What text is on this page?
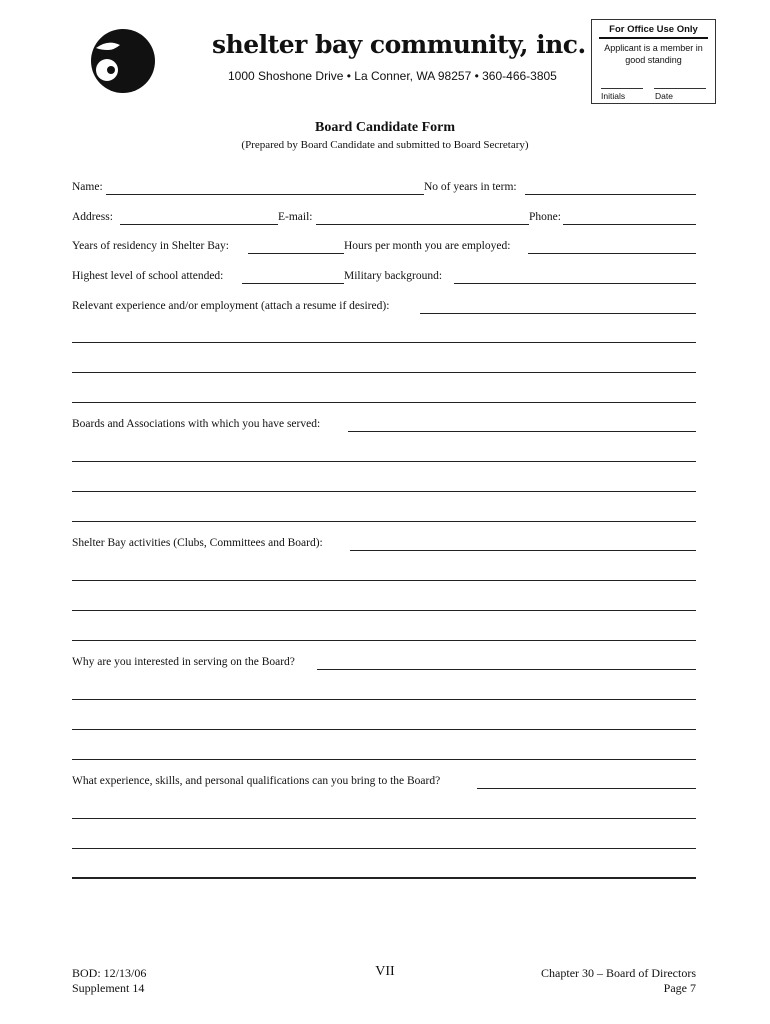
shelter bay community, inc.
1000 Shoshone Drive • La Conner, WA 98257 • 360-466-3805
For Office Use Only
Applicant is a member in good standing
Initials	Date
Board Candidate Form
(Prepared by Board Candidate and submitted to Board Secretary)
Name:	No of years in term:
Address:	E-mail:	Phone:
Years of residency in Shelter Bay:	Hours per month you are employed:
Highest level of school attended:	Military background:
Relevant experience and/or employment (attach a resume if desired):
Boards and Associations with which you have served:
Shelter Bay activities (Clubs, Committees and Board):
Why are you interested in serving on the Board?
What experience, skills, and personal qualifications can you bring to the Board?
BOD: 12/13/06
Supplement 14
VII	Chapter 30 – Board of Directors
Page 7
